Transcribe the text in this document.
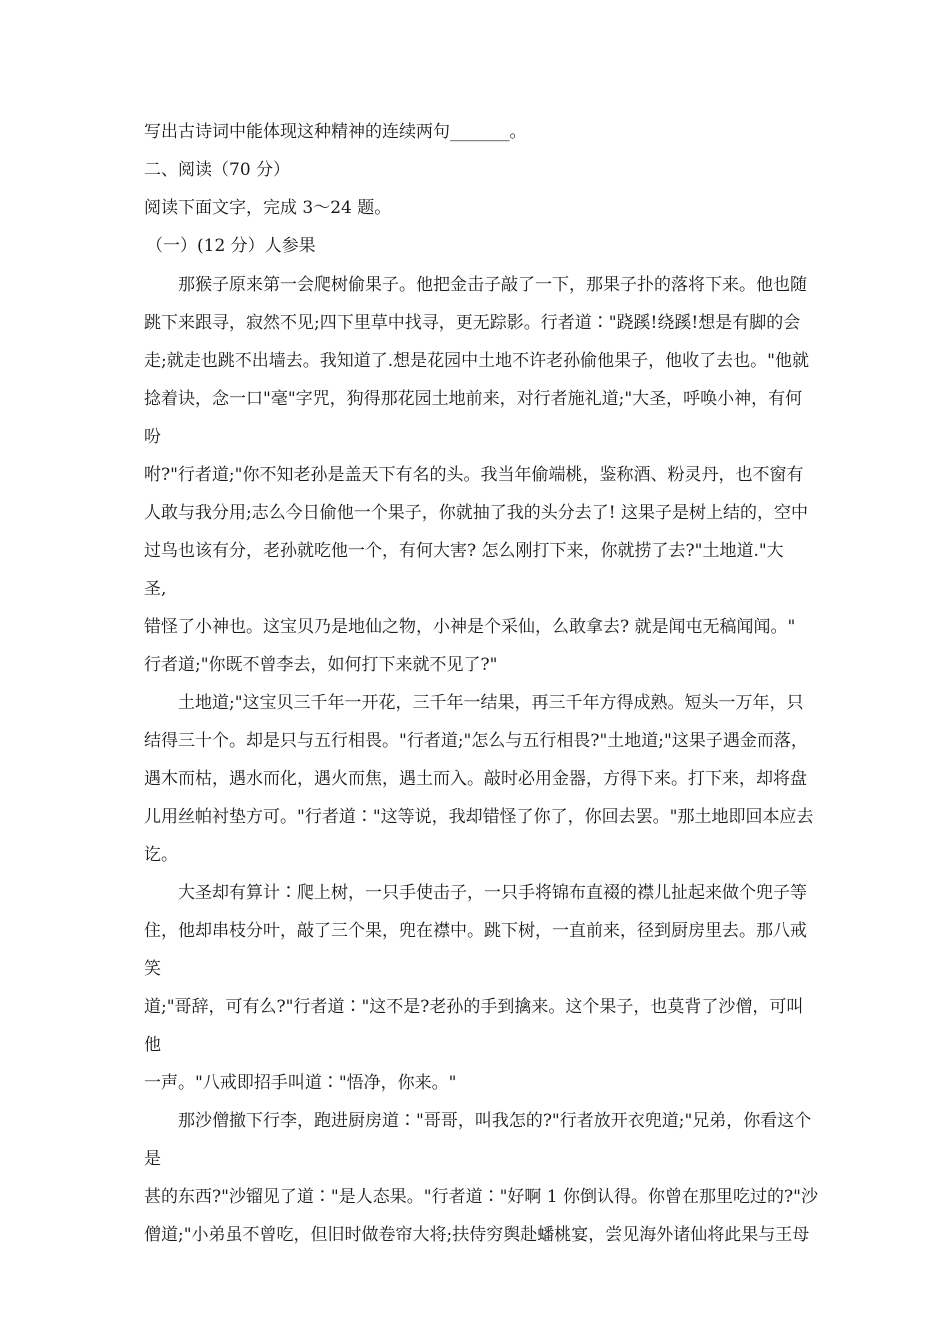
写出古诗词中能体现这种精神的连续两句_______。
二、阅读（70 分）
阅读下面文字，完成 3～24 题。
（一）(12 分）人参果
那猴子原来第一会爬树偷果子。他把金击子敲了一下，那果子扑的落将下来。他也随
跳下来跟寻，寂然不见;四下里草中找寻，更无踪影。行者道∶"跷蹊!绕蹊!想是有脚的会
走;就走也跳不出墙去。我知道了.想是花园中土地不许老孙偷他果子，他收了去也。"他就
捻着诀，念一口"毫"字咒，狗得那花园土地前来，对行者施礼道;"大圣，呼唤小神，有何
吩
咐?"行者道;"你不知老孙是盖天下有名的头。我当年偷端桃，鉴称酒、粉灵丹，也不窗有
人敢与我分用;志么今日偷他一个果子，你就抽了我的头分去了! 这果子是树上结的，空中
过鸟也该有分，老孙就吃他一个，有何大害? 怎么刚打下来，你就捞了去?"土地道."大
圣,
错怪了小神也。这宝贝乃是地仙之物，小神是个采仙，么敢拿去? 就是闻屯无稿闻闻。"
行者道;"你既不曾李去，如何打下来就不见了?"
土地道;"这宝贝三千年一开花，三千年一结果，再三千年方得成熟。短头一万年，只
结得三十个。却是只与五行相畏。"行者道;"怎么与五行相畏?"土地道;"这果子遇金而落，
遇木而枯，遇水而化，遇火而焦，遇土而入。敲时必用金器，方得下来。打下来，却将盘
儿用丝帕衬垫方可。"行者道∶"这等说，我却错怪了你了，你回去罢。"那土地即回本应去
讫。
大圣却有算计∶爬上树，一只手使击子，一只手将锦布直裰的襟儿扯起来做个兜子等
住，他却串枝分叶，敲了三个果，兜在襟中。跳下树，一直前来，径到厨房里去。那八戒
笑
道;"哥辞，可有么?"行者道∶"这不是?老孙的手到擒来。这个果子，也莫背了沙僧，可叫
他
一声。"八戒即招手叫道∶"悟净，你来。"
那沙僧撤下行李，跑进厨房道∶"哥哥，叫我怎的?"行者放开衣兜道;"兄弟，你看这个
是
甚的东西?"沙镏见了道∶"是人态果。"行者道∶"好啊 1 你倒认得。你曾在那里吃过的?"沙
僧道;"小弟虽不曾吃，但旧时做卷帘大将;扶侍穷舆赴蟠桃宴，尝见海外诸仙将此果与王母
